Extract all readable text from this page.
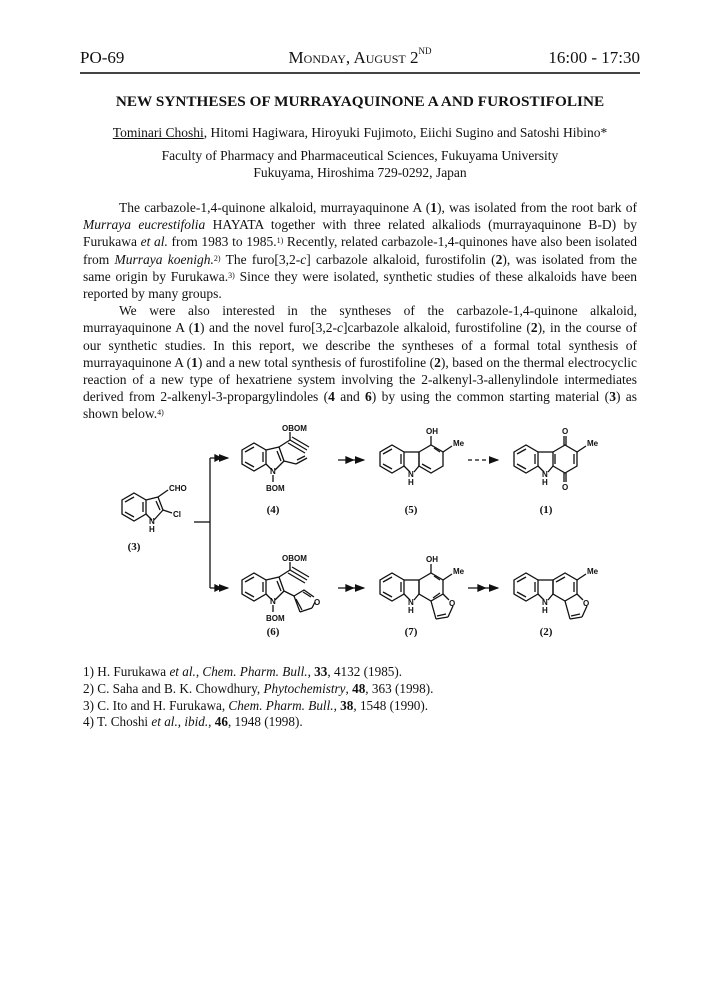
PO-69	Monday, August 2ND	16:00 - 17:30
NEW SYNTHESES OF MURRAYAQUINONE A AND FUROSTIFOLINE
Tominari Choshi, Hitomi Hagiwara, Hiroyuki Fujimoto, Eiichi Sugino and Satoshi Hibino*
Faculty of Pharmacy and Pharmaceutical Sciences, Fukuyama University
Fukuyama, Hiroshima 729-0292, Japan

The carbazole-1,4-quinone alkaloid, murrayaquinone A (1), was isolated from the root bark of Murraya eucrestifolia HAYATA together with three related alkaliods (murrayaquinone B-D) by Furukawa et al. from 1983 to 1985.$^{1)}$ Recently, related carbazole-1,4-quinones have also been isolated from Murraya koenigh.$^{2)}$ The furo[3,2-c] carbazole alkaloid, furostifolin (2), was isolated from the same origin by Furukawa.$^{3)}$ Since they were isolated, synthetic studies of these alkaloids have been reported by many groups.

We were also interested in the syntheses of the carbazole-1,4-quinone alkaloid, murrayaquinone A (1) and the novel furo[3,2-c]carbazole alkaloid, furostifoline (2), in the course of our synthetic studies. In this report, we describe the syntheses of a formal total synthesis of murrayaquinone A (1) and a new total synthesis of furostifoline (2), based on the thermal electrocyclic reaction of a new type of hexatriene system involving the 2-alkenyl-3-allenylindole intermediates derived from 2-alkenyl-3-propargylindoles (4 and 6) by using the common starting material (3) as shown below.$^{4)}$

CHO
Cl
N
H
OBOM
N
BOM
OH
Me
N
H
O
O
Me
N
H
OBOM
N
BOM
O
OH
Me
N
H
O
Me
N
H
O
(3)
(4)	(5)	(1)
(6)	(7)	(2)
1) H. Furukawa et al., Chem. Pharm. Bull., 33, 4132 (1985).
2) C. Saha and B. K. Chowdhury, Phytochemistry, 48, 363 (1998).
3) C. Ito and H. Furukawa, Chem. Pharm. Bull., 38, 1548 (1990).
4) T. Choshi et al., ibid., 46, 1948 (1998).
